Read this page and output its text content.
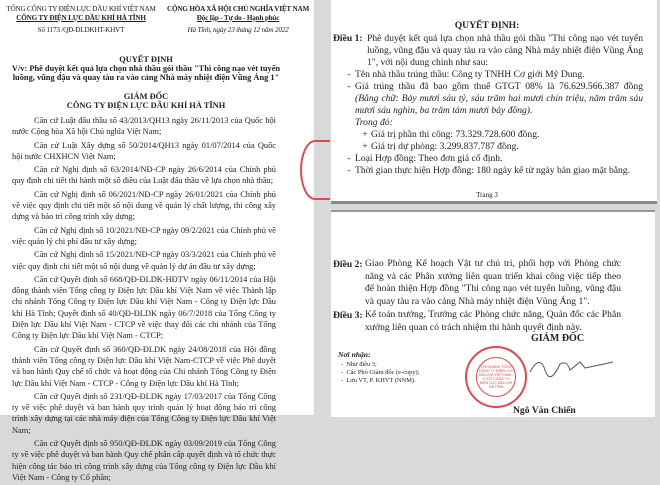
TỔNG CÔNG TY ĐIỆN LỰC DẦU KHÍ VIỆT NAM
CÔNG TY ĐIỆN LỰC DẦU KHÍ HÀ TĨNH
Số 1173 /QĐ-ĐLDKHT-KHVT
CỘNG HÒA XÃ HỘI CHỦ NGHĨA VIỆT NAM
Độc lập - Tự do - Hạnh phúc
Hà Tĩnh, ngày 23 tháng 12 năm 2022
QUYẾT ĐỊNH
V/v: Phê duyệt kết quả lựa chọn nhà thầu gói thầu "Thi công nạo vét tuyến
luồng, vũng đậu và quay tàu ra vào cảng Nhà máy nhiệt điện Vũng Áng 1"
GIÁM ĐỐC
CÔNG TY ĐIỆN LỰC DẦU KHÍ HÀ TĨNH
Căn cứ Luật đấu thầu số 43/2013/QH13 ngày 26/11/2013 của Quốc hội nước Cộng hòa Xã hội Chủ nghĩa Việt Nam;
Căn cứ Luật Xây dựng số 50/2014/QH13 ngày 01/07/2014 của Quốc hội nước CHXHCN Việt Nam;
Căn cứ Nghị định số 63/2014/NĐ-CP ngày 26/6/2014 của Chính phủ quy định chi tiết thi hành một số điều của Luật đấu thầu về lựa chọn nhà thầu;
Căn cứ Nghị định số 06/2021/NĐ-CP ngày 26/01/2021 của Chính phủ về việc quy định chi tiết một số nội dung về quản lý chất lượng, thi công xây dựng và bảo trì công trình xây dựng;
Căn cứ Nghị định số 10/2021/NĐ-CP ngày 09/2/2021 của Chính phủ về việc quản lý chi phí đầu tư xây dựng;
Căn cứ Nghị định số 15/2021/NĐ-CP ngày 03/3/2021 của Chính phủ về việc quy định chi tiết một số nội dung về quản lý dự án đầu tư xây dựng;
Căn cứ Quyết định số 668/QĐ-ĐLDK-HĐTV ngày 06/11/2014 của Hội đồng thành viên Tổng công ty Điện lực Dầu khí Việt Nam về việc Thành lập chi nhánh Tổng Công ty Điện lực Dầu khí Việt Nam - Công ty Điện lực Dầu khí Hà Tĩnh; Quyết định số 40/QĐ-ĐLDK ngày 06/7/2018 của Tổng Công ty Điện lực Dầu khí Việt Nam - CTCP về việc thay đổi các chi nhánh của Tổng Công ty Điện lực Dầu khí Việt Nam - CTCP;
Căn cứ Quyết định số 360/QĐ-ĐLDK ngày 24/08/2018 của Hội đồng thành viên Tổng công ty Điện lực Dầu khí Việt Nam-CTCP về việc Phê duyệt và ban hành Quy chế tổ chức và hoạt động của Chi nhánh Tổng Công ty Điện lực Dầu khí Việt Nam - CTCP - Công ty Điện lực Dầu khí Hà Tĩnh;
Căn cứ Quyết định số 231/QĐ-ĐLDK ngày 17/03/2017 của Tổng Công ty về việc phê duyệt và ban hành quy trình quản lý hoạt động bảo trì công trình xây dựng tại các nhà máy điện của Tổng Công ty Điện lực Dầu khí Việt Nam;
Căn cứ Quyết định số 950/QĐ-ĐLDK ngày 03/09/2019 của Tổng Công ty về việc phê duyệt và ban hành Quy chế phân cấp quyết định và tổ chức thực hiện công tác bảo trì công trình xây dựng của Tổng công ty Điện lực Dầu khí Việt Nam - Công ty Cổ phần;
QUYẾT ĐỊNH:
Điều 1: Phê duyệt kết quả lựa chọn nhà thầu gói thầu "Thi công nạo vét tuyến luồng, vũng đậu và quay tàu ra vào cảng Nhà máy nhiệt điện Vũng Áng 1", với nội dung chính như sau:
- Tên nhà thầu trúng thầu: Công ty TNHH Cơ giới Mỹ Dung.
- Giá trúng thầu đã bao gồm thuế GTGT 08% là 76.629.566.387 đồng (Bằng chữ: Bảy mươi sáu tỷ, sáu trăm hai mươi chín triệu, năm trăm sáu mươi sáu nghìn, ba trăm tám mươi bảy đồng).
Trong đó:
+ Giá trị phần thi công: 73.329.728.600 đồng.
+ Giá trị dự phòng: 3.299.837.787 đồng.
- Loại Hợp đồng: Theo đơn giá cố định.
- Thời gian thực hiện Hợp đồng: 180 ngày kể từ ngày bàn giao mặt bằng.
Trang 3
Điều 2: Giao Phòng Kế hoạch Vật tư chủ trì, phối hợp với Phòng chức năng và các Phân xưởng liên quan triển khai công việc tiếp theo để hoàn thiện Hợp đồng "Thi công nạo vét tuyến luồng, vũng đậu và quay tàu ra vào cảng Nhà máy nhiệt điện Vũng Áng 1".
Điều 3: Kế toán trưởng, Trưởng các Phòng chức năng, Quản đốc các Phân xưởng liên quan có trách nhiệm thi hành quyết định này.
Nơi nhận:
-  Như điều 3;
-  Các Phó Giám đốc (e-copy);
-  Lưu VT, P. KHVT (NNM).
GIÁM ĐỐC
CHI NHÁNH TỔNG CÔNG TY ĐIỆN LỰC DẦU KHÍ VIỆT NAM - CTCP CÔNG TY ĐIỆN LỰC DẦU KHÍ HÀ TĨNH
Ngô Văn Chiến
